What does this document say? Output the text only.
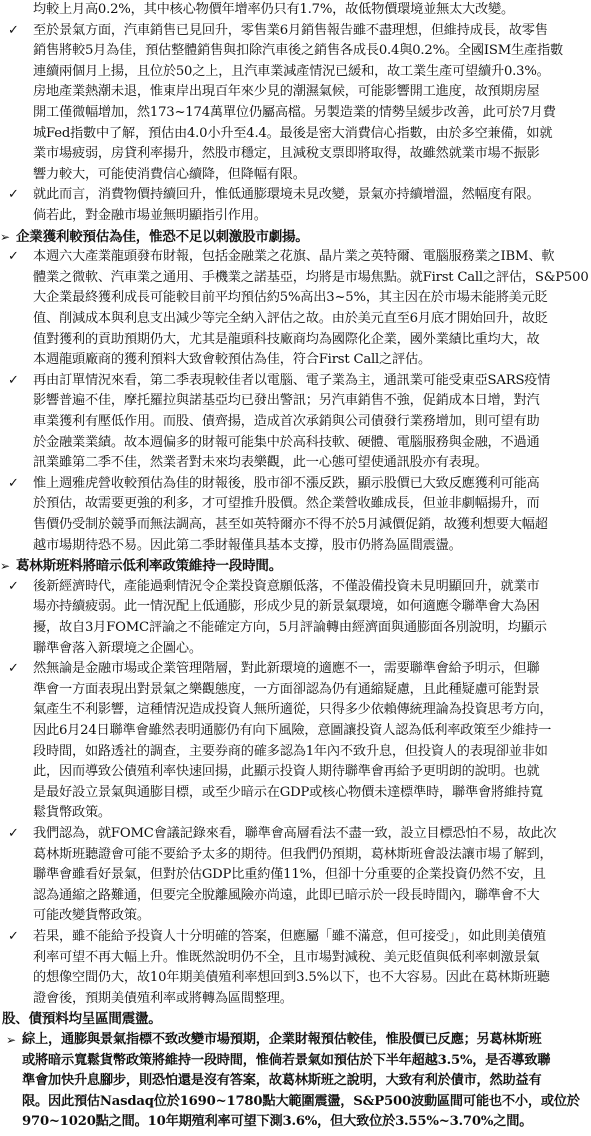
均較上月高0.2%，其中核心物價年增率仍只有1.7%，故低物價環境並無太大改變。
✓ 至於景氣方面，汽車銷售已見回升，零售業6月銷售報告雖不盡理想，但維持成長，故零售
銷售將較5月為佳，預估整體銷售與扣除汽車後之銷售各成長0.4與0.2%。全國ISM生產指數
連續兩個月上揚，且位於50之上，且汽車業減產情況已緩和，故工業生產可望續升0.3%。
房地產業熱潮未退，惟東岸出現百年來少見的潮濕氣候，可能影響開工進度，故預期房屋
開工僅微幅增加，然173~174萬單位仍屬高檔。另製造業的情勢呈緩步改善，此可於7月費
城Fed指數中了解，預估由4.0小升至4.4。最後是密大消費信心指數，由於多空兼備，如就
業市場疲弱，房貸利率揚升，然股市穩定，且減稅支票即將取得，故雖然就業市場不振影
響力較大，可能使消費信心續降，但降幅有限。
✓ 就此而言，消費物價持續回升，惟低通膨環境未見改變，景氣亦持續增溫，然幅度有限。
倘若此，對金融市場並無明顯指引作用。
➢ 企業獲利較預估為佳，惟恐不足以刺激股市劇揚。
✓ 本週六大產業龍頭發布財報，包括金融業之花旗、晶片業之英特爾、電腦服務業之IBM、軟
體業之微軟、汽車業之通用、手機業之諾基亞，均將是市場焦點。就First Call之評估，S&P500
大企業最終獲利成長可能較目前平均預估約5%高出3~5%，其主因在於市場未能將美元貶
值、削減成本與利息支出減少等完全納入評估之故。由於美元直至6月底才開始回升，故貶
值對獲利的貢助預期仍大，尤其是龍頭科技廠商均為國際化企業，國外業績比重均大，故
本週龍頭廠商的獲利預料大致會較預估為佳，符合First Call之評估。
✓ 再由訂單情況來看，第二季表現較佳者以電腦、電子業為主，通訊業可能受東亞SARS疫情
影響普遍不佳，摩托羅拉與諾基亞均已發出警訊；另汽車銷售不強，促銷成本日增，對汽
車業獲利有壓低作用。而股、債齊揚，造成首次承銷與公司債發行業務增加，則可望有助
於金融業業績。故本週偏多的財報可能集中於高科技軟、硬體、電腦服務與金融，不過通
訊業雖第二季不佳，然業者對未來均表樂觀，此一心態可望使通訊股亦有表現。
✓ 惟上週雅虎營收較預估為佳的財報後，股市卻不漲反跌，顯示股價已大致反應獲利可能高
於預估，故需要更強的利多，才可望推升股價。然企業營收雖成長，但並非劇幅揚升，而
售價仍受制於競爭而無法調高，甚至如英特爾亦不得不於5月減價促銷，故獲利想要大幅超
越市場期待恐不易。因此第二季財報僅具基本支撐，股市仍將為區間震盪。
➢ 葛林斯班料將暗示低利率政策維持一段時間。
✓ 後新經濟時代，產能過剩情況令企業投資意願低落，不僅設備投資未見明顯回升，就業市
場亦持續疲弱。此一情況配上低通膨，形成少見的新景氣環境，如何適應令聯準會大為困
擾，故自3月FOMC評論之不能確定方向，5月評論轉由經濟面與通膨面各別說明，均顯示
聯準會落入新環境之企圖心。
✓ 然無論是金融市場或企業管理階層，對此新環境的適應不一，需要聯準會給予明示，但聯
準會一方面表現出對景氣之樂觀態度，一方面卻認為仍有通縮疑慮，且此種疑慮可能對景
氣產生不利影響，這種情況造成投資人無所適從，只得多少依賴傳統理論為投資思考方向，
因此6月24日聯準會雖然表明通膨仍有向下風險，意圖讓投資人認為低利率政策至少維持一
段時間，如路透社的調查，主要券商的確多認為1年內不致升息，但投資人的表現卻並非如
此，因而導致公債殖利率快速回揚，此顯示投資人期待聯準會再給予更明朗的說明。也就
是最好設立景氣與通膨目標，或至少暗示在GDP或核心物價未達標準時，聯準會將維持寬
鬆貨幣政策。
✓ 我們認為，就FOMC會議記錄來看，聯準會高層看法不盡一致，設立目標恐怕不易，故此次
葛林斯班聽證會可能不要給予太多的期待。但我們仍預期，葛林斯班會設法讓市場了解到，
聯準會雖看好景氣，但對於估GDP比重約僅11%，但卻十分重要的企業投資仍然不安，且
認為通縮之路難通，但要完全脫離風險亦尚遠，此即已暗示於一段長時間內，聯準會不大
可能改變貨幣政策。
✓ 若果，雖不能給予投資人十分明確的答案，但應屬「雖不滿意，但可接受」，如此則美債殖
利率可望不再大幅上升。惟既然說明仍不全，且市場對減稅、美元貶值與低利率刺激景氣
的想像空間仍大，故10年期美債殖利率想回到3.5%以下，也不大容易。因此在葛林斯班聽
證會後，預期美債殖利率或將轉為區間整理。
股、債預料均呈區間震盪。
➢ 綜上，通膨與景氣指標不致改變市場預期，企業財報預估較佳，惟股價已反應；另葛林斯班
或將暗示寬鬆貨幣政策將維持一段時間，惟倘若景氣如預估於下半年超越3.5%，是否導致聯
準會加快升息腳步，則恐怕還是沒有答案，故葛林斯班之說明，大致有利於債市，然助益有
限。因此預估Nasdaq位於1690~1780點大範圍震盪，S&P500波動區間可能也不小，或位於
970~1020點之間。10年期殖利率可望下測3.6%，但大致位於3.55%~3.70%之間。
